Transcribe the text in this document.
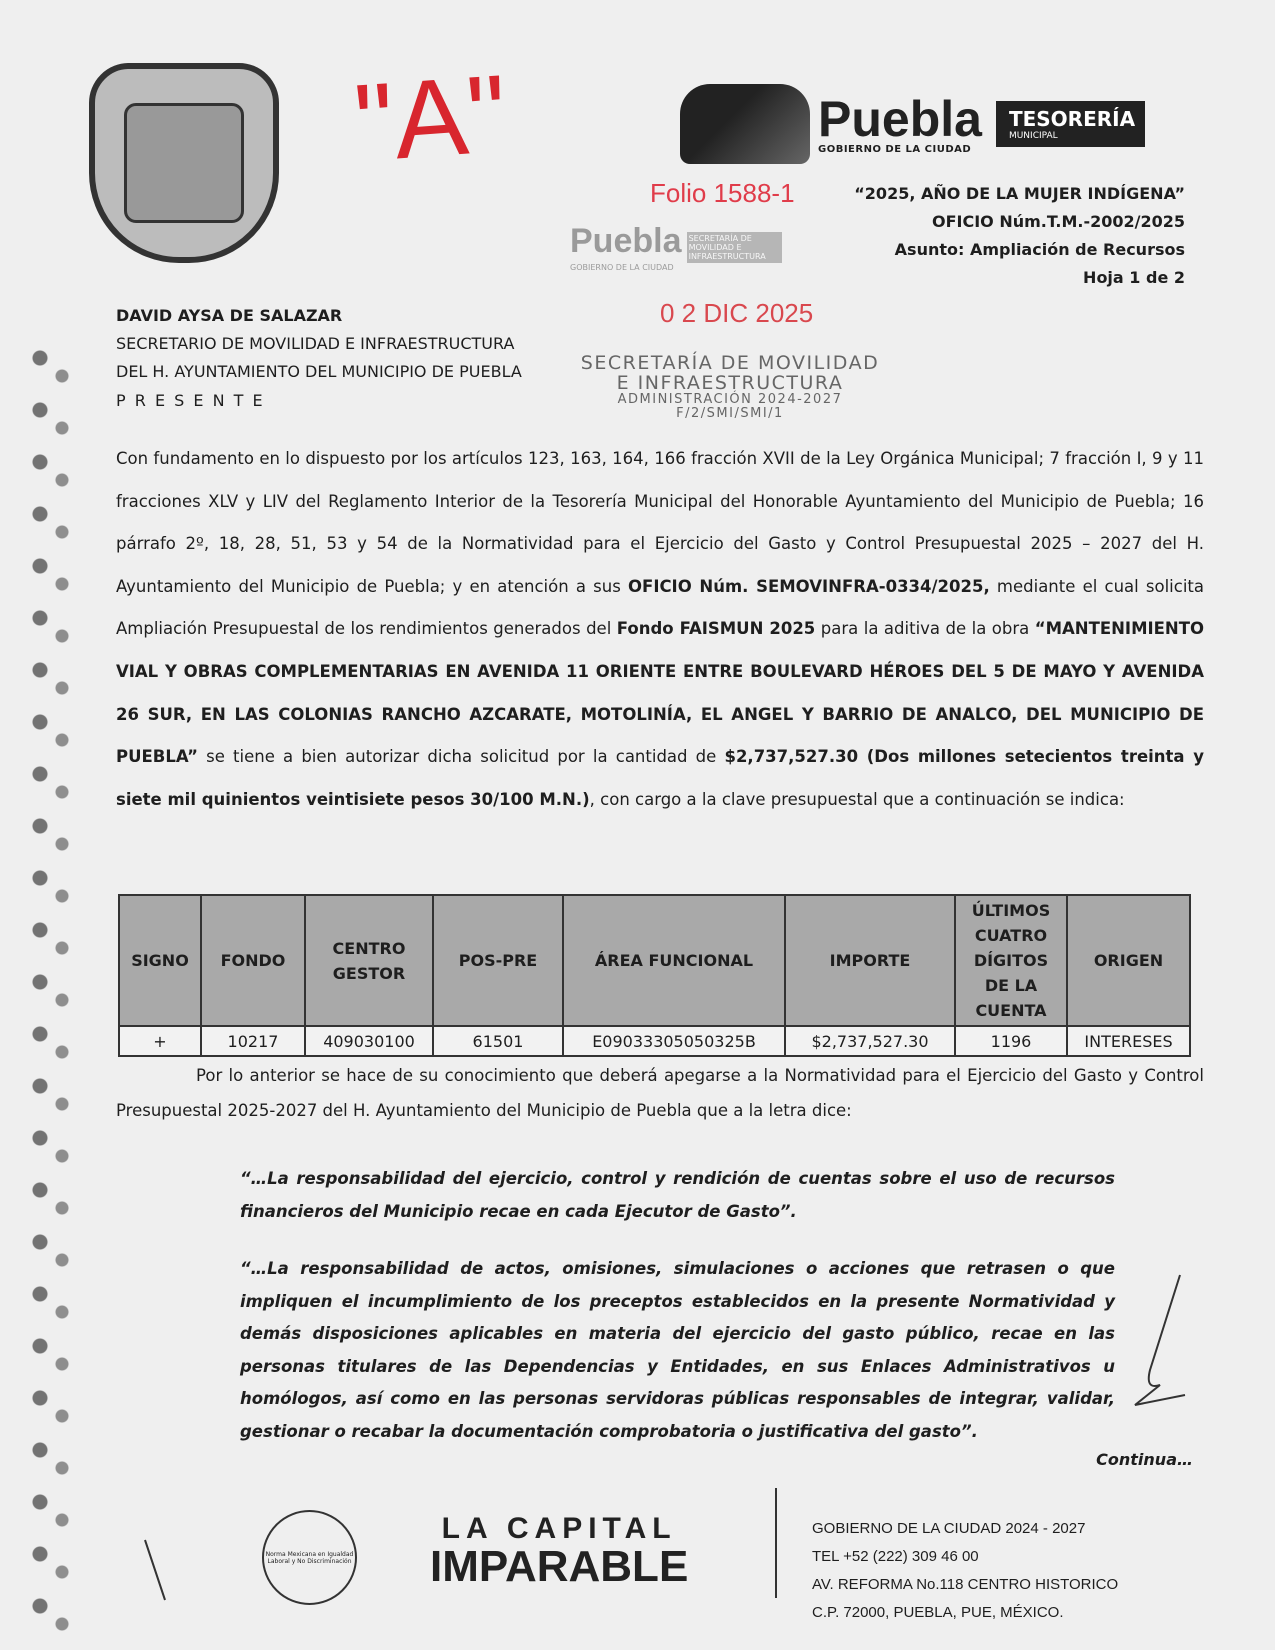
"A"	Puebla
GOBIERNO DE LA CIUDAD
TESORERÍA
MUNICIPAL
Folio 1588-1	“2025, AÑO DE LA MUJER INDÍGENA”
OFICIO Núm.T.M.-2002/2025
Asunto: Ampliación de Recursos
Hoja 1 de 2
Puebla SECRETARÍA DE MOVILIDAD E INFRAESTRUCTURA
GOBIERNO DE LA CIUDAD
0 2 DIC 2025
SECRETARÍA DE MOVILIDAD
E INFRAESTRUCTURA
ADMINISTRACIÓN 2024-2027
F/2/SMI/SMI/1
DAVID AYSA DE SALAZAR
SECRETARIO DE MOVILIDAD E INFRAESTRUCTURA
DEL H. AYUNTAMIENTO DEL MUNICIPIO DE PUEBLA
P R E S E N T E
Con fundamento en lo dispuesto por los artículos 123, 163, 164, 166 fracción XVII de la Ley Orgánica Municipal; 7 fracción I, 9 y 11 fracciones XLV y LIV del Reglamento Interior de la Tesorería Municipal del Honorable Ayuntamiento del Municipio de Puebla; 16 párrafo 2º, 18, 28, 51, 53 y 54 de la Normatividad para el Ejercicio del Gasto y Control Presupuestal 2025 – 2027 del H. Ayuntamiento del Municipio de Puebla; y en atención a sus OFICIO Núm. SEMOVINFRA-0334/2025, mediante el cual solicita Ampliación Presupuestal de los rendimientos generados del Fondo FAISMUN 2025 para la aditiva de la obra “MANTENIMIENTO VIAL Y OBRAS COMPLEMENTARIAS EN AVENIDA 11 ORIENTE ENTRE BOULEVARD HÉROES DEL 5 DE MAYO Y AVENIDA 26 SUR, EN LAS COLONIAS RANCHO AZCARATE, MOTOLINÍA, EL ANGEL Y BARRIO DE ANALCO, DEL MUNICIPIO DE PUEBLA” se tiene a bien autorizar dicha solicitud por la cantidad de $2,737,527.30 (Dos millones setecientos treinta y siete mil quinientos veintisiete pesos 30/100 M.N.), con cargo a la clave presupuestal que a continuación se indica:
SIGNO	FONDO	CENTRO GESTOR	POS-PRE	ÁREA FUNCIONAL	IMPORTE	ÚLTIMOS CUATRO DÍGITOS DE LA CUENTA	ORIGEN
+	10217	409030100	61501	E09033305050325B	$2,737,527.30	1196	INTERESES
Por lo anterior se hace de su conocimiento que deberá apegarse a la Normatividad para el Ejercicio del Gasto y Control Presupuestal 2025-2027 del H. Ayuntamiento del Municipio de Puebla que a la letra dice:
“…La responsabilidad del ejercicio, control y rendición de cuentas sobre el uso de recursos financieros del Municipio recae en cada Ejecutor de Gasto”.
“…La responsabilidad de actos, omisiones, simulaciones o acciones que retrasen o que impliquen el incumplimiento de los preceptos establecidos en la presente Normatividad y demás disposiciones aplicables en materia del ejercicio del gasto público, recae en las personas titulares de las Dependencias y Entidades, en sus Enlaces Administrativos u homólogos, así como en las personas servidoras públicas responsables de integrar, validar, gestionar o recabar la documentación comprobatoria o justificativa del gasto”.
Continua…
Norma Mexicana en Igualdad Laboral y No Discriminación
LA CAPITAL
IMPARABLE
GOBIERNO DE LA CIUDAD 2024 - 2027
TEL +52 (222) 309 46 00
AV. REFORMA No.118 CENTRO HISTORICO
C.P. 72000, PUEBLA, PUE, MÉXICO.
